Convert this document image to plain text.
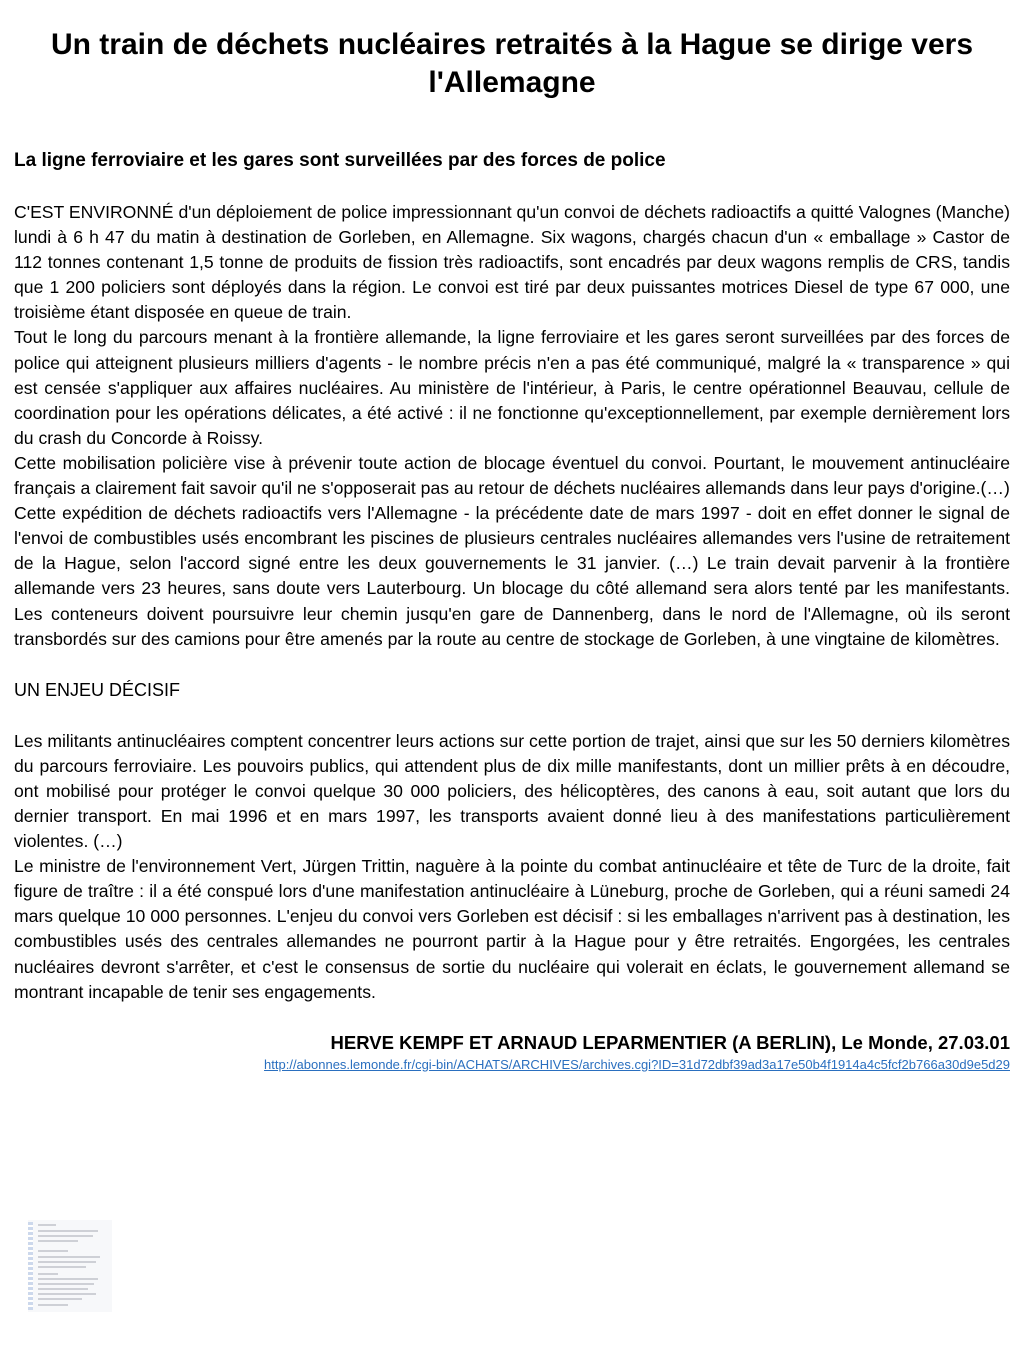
Un train de déchets nucléaires retraités à la Hague se dirige vers l'Allemagne
La ligne ferroviaire et les gares sont surveillées par des forces de police

C'EST ENVIRONNÉ d'un déploiement de police impressionnant qu'un convoi de déchets radioactifs a quitté Valognes (Manche) lundi à 6 h 47 du matin à destination de Gorleben, en Allemagne. Six wagons, chargés chacun d'un « emballage » Castor de 112 tonnes contenant 1,5 tonne de produits de fission très radioactifs, sont encadrés par deux wagons remplis de CRS, tandis que 1 200 policiers sont déployés dans la région. Le convoi est tiré par deux puissantes motrices Diesel de type 67 000, une troisième étant disposée en queue de train.

Tout le long du parcours menant à la frontière allemande, la ligne ferroviaire et les gares seront surveillées par des forces de police qui atteignent plusieurs milliers d'agents - le nombre précis n'en a pas été communiqué, malgré la « transparence » qui est censée s'appliquer aux affaires nucléaires. Au ministère de l'intérieur, à Paris, le centre opérationnel Beauvau, cellule de coordination pour les opérations délicates, a été activé : il ne fonctionne qu'exceptionnellement, par exemple dernièrement lors du crash du Concorde à Roissy.

Cette mobilisation policière vise à prévenir toute action de blocage éventuel du convoi. Pourtant, le mouvement antinucléaire français a clairement fait savoir qu'il ne s'opposerait pas au retour de déchets nucléaires allemands dans leur pays d'origine.(…)

Cette expédition de déchets radioactifs vers l'Allemagne - la précédente date de mars 1997 - doit en effet donner le signal de l'envoi de combustibles usés encombrant les piscines de plusieurs centrales nucléaires allemandes vers l'usine de retraitement de la Hague, selon l'accord signé entre les deux gouvernements le 31 janvier. (…) Le train devait parvenir à la frontière allemande vers 23 heures, sans doute vers Lauterbourg. Un blocage du côté allemand sera alors tenté par les manifestants. Les conteneurs doivent poursuivre leur chemin jusqu'en gare de Dannenberg, dans le nord de l'Allemagne, où ils seront transbordés sur des camions pour être amenés par la route au centre de stockage de Gorleben, à une vingtaine de kilomètres.

UN ENJEU DÉCISIF

Les militants antinucléaires comptent concentrer leurs actions sur cette portion de trajet, ainsi que sur les 50 derniers kilomètres du parcours ferroviaire. Les pouvoirs publics, qui attendent plus de dix mille manifestants, dont un millier prêts à en découdre, ont mobilisé pour protéger le convoi quelque 30 000 policiers, des hélicoptères, des canons à eau, soit autant que lors du dernier transport. En mai 1996 et en mars 1997, les transports avaient donné lieu à des manifestations particulièrement violentes. (…)

Le ministre de l'environnement Vert, Jürgen Trittin, naguère à la pointe du combat antinucléaire et tête de Turc de la droite, fait figure de traître : il a été conspué lors d'une manifestation antinucléaire à Lüneburg, proche de Gorleben, qui a réuni samedi 24 mars quelque 10 000 personnes. L'enjeu du convoi vers Gorleben est décisif : si les emballages n'arrivent pas à destination, les combustibles usés des centrales allemandes ne pourront partir à la Hague pour y être retraités. Engorgées, les centrales nucléaires devront s'arrêter, et c'est le consensus de sortie du nucléaire qui volerait en éclats, le gouvernement allemand se montrant incapable de tenir ses engagements.

HERVE KEMPF ET ARNAUD LEPARMENTIER (A BERLIN), Le Monde, 27.03.01
http://abonnes.lemonde.fr/cgi-bin/ACHATS/ARCHIVES/archives.cgi?ID=31d72dbf39ad3a17e50b4f1914a4c5fcf2b766a30d9e5d29
